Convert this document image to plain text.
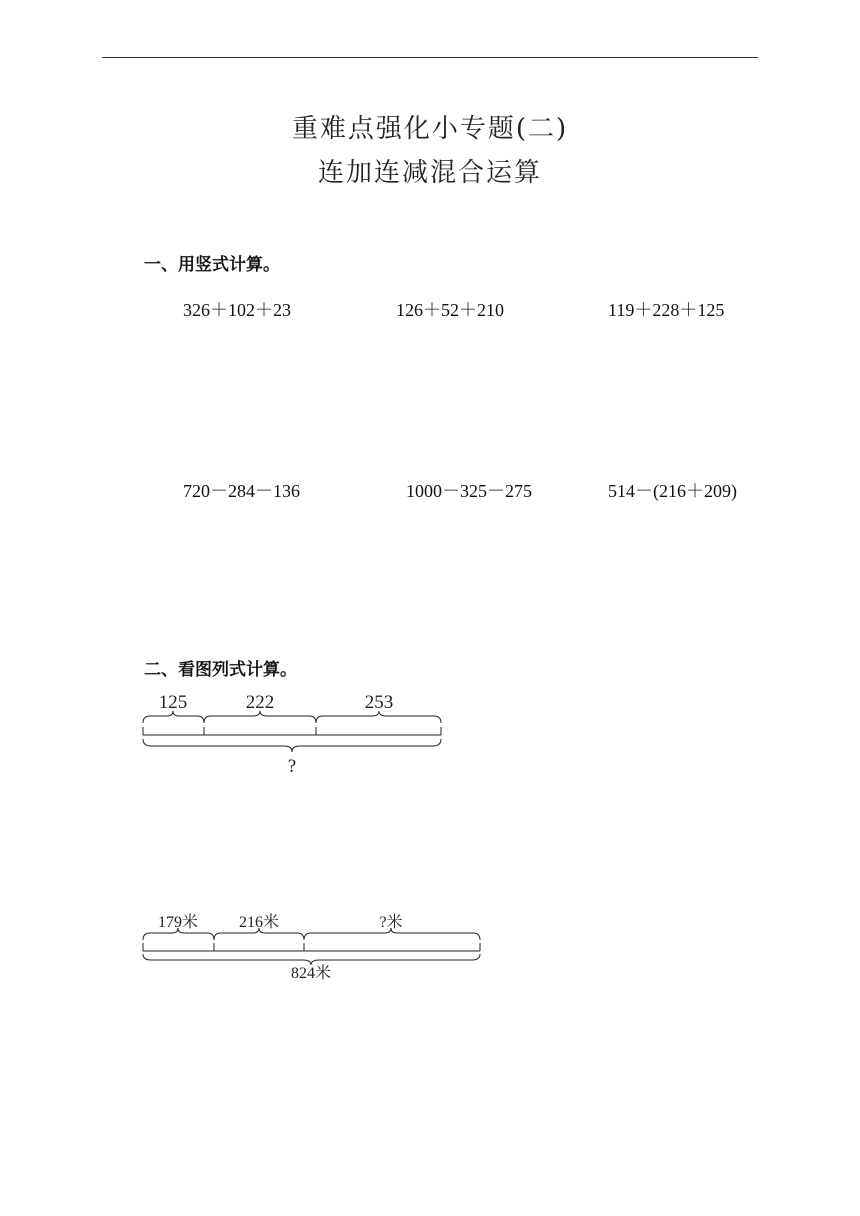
重难点强化小专题(二)
连加连减混合运算
一、用竖式计算。
326＋102＋23	126＋52＋210	119＋228＋125
720－284－136	1000－325－275	514－(216＋209)
二、看图列式计算。
125	222	253
?
179米	216米	?米
824米
